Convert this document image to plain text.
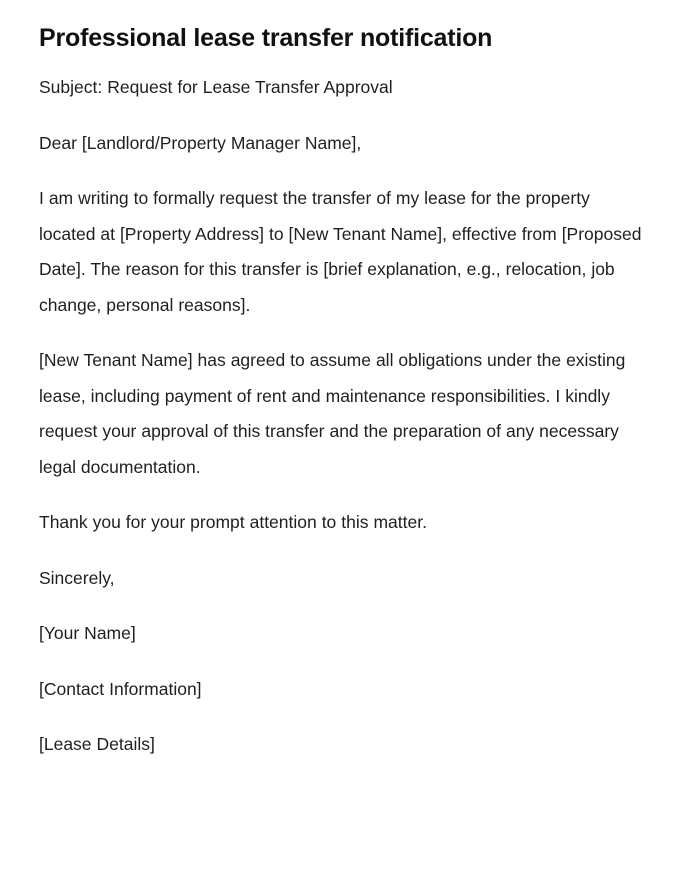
Professional lease transfer notification

Subject: Request for Lease Transfer Approval

Dear [Landlord/Property Manager Name],

I am writing to formally request the transfer of my lease for the property located at [Property Address] to [New Tenant Name], effective from [Proposed Date]. The reason for this transfer is [brief explanation, e.g., relocation, job change, personal reasons].

[New Tenant Name] has agreed to assume all obligations under the existing lease, including payment of rent and maintenance responsibilities. I kindly request your approval of this transfer and the preparation of any necessary legal documentation.

Thank you for your prompt attention to this matter.

Sincerely,

[Your Name]

[Contact Information]

[Lease Details]
